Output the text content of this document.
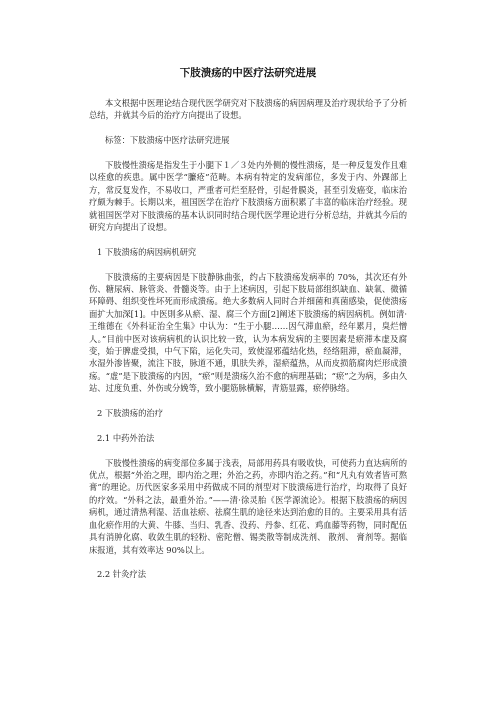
下肢溃疡的中医疗法研究进展

本文根据中医理论结合现代医学研究对下肢溃疡的病因病理及治疗现状给予了分析总结，并就其今后的治疗方向提出了设想。

标签：下肢溃疡中医疗法研究进展

下肢慢性溃疡是指发生于小腿下１／３处内外侧的慢性溃疡，是一种反复发作且难以痊愈的疾患。属中医学“臁疮”范畴。本病有特定的发病部位，多发于内、外踝部上方，常反复发作，不易收口，严重者可烂至胫骨，引起骨膜炎，甚至引发癌变，临床治疗颇为棘手。长期以来，祖国医学在治疗下肢溃疡方面积累了丰富的临床治疗经验。现就祖国医学对下肢溃疡的基本认识同时结合现代医学理论进行分析总结，并就其今后的研究方向提出了设想。

1 下肢溃疡的病因病机研究

下肢溃疡的主要病因是下肢静脉曲张，约占下肢溃疡发病率的 70%，其次还有外伤、糖尿病、脉管炎、骨髓炎等。由于上述病因，引起下肢局部组织缺血、缺氧、微循环障碍、组织变性坏死而形成溃疡。绝大多数病人同时合并细菌和真菌感染，促使溃疡面扩大加深[1]。中医則多从瘀、湿、腐三个方面[2]阐述下肢溃疡的病因病机。例如清·王维德在《外科证治全生集》中认为：“生于小腿……因气滞血瘀，经年累月，臭烂憎人。”目前中医对该病病机的认识比较一致，认为本病发病的主要因素是瘀滞本虚及腐变，始于脾虚受损，中气下陷，运化失司，致使湿邪蕴结化热，经络阻滞，瘀血凝滞，水湿外渗皆聚，流注下肢，脉道不通，肌肤失养，湿瘀蕴热，从而皮损筋腐肉烂形成溃疡。“虚”是下肢溃疡的内因，“瘀”则是溃疡久治不愈的病理基础；“瘀”之为病，多由久站、过度负重、外伤或分娩等，致小腿筋脉横解，青筋显露，瘀停脉络。

2 下肢溃疡的治疗

2.1 中药外治法

下肢慢性溃疡的病变部位多属于浅表，局部用药具有吸收快，可使药力直达病所的优点，根据“外治之理，即内治之理；外治之药，亦即内治之药。”和“凡丸有效者皆可熬膏”的理论。历代医家多采用中药做成不同的剂型对下肢溃疡进行治疗，均取得了良好的疗效。“外科之法，最重外治。”——清·徐灵胎《医学源流论》。根据下肢溃疡的病因病机，通过清热利湿、活血祛瘀、祛腐生肌的途径来达到治愈的目的。主要采用具有活血化瘀作用的大黄、牛膝、当归、乳香、没药、丹参、红花、鸡血藤等药物，同时配伍具有消肿化腐、收敛生肌的轻粉、密陀僧、锡类散等制成洗剂、 散剂、 膏剂等。据临床报道，其有效率达 90%以上。

2.2 针灸疗法
